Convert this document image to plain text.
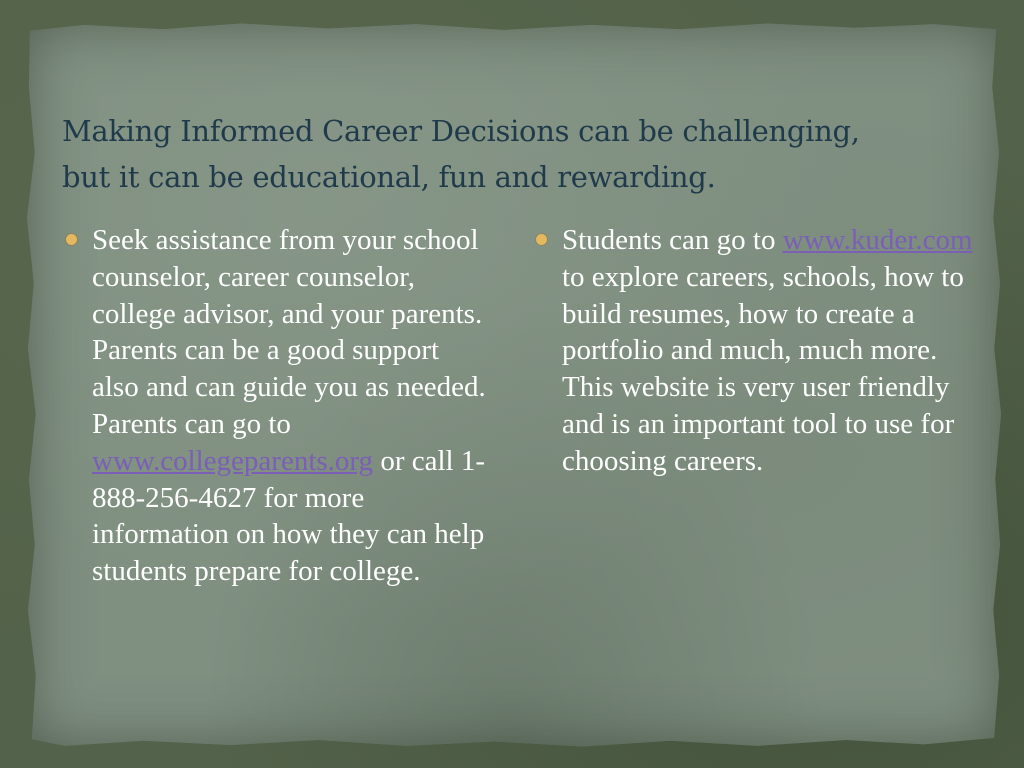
Making Informed Career Decisions can be challenging,
but it can be educational, fun and rewarding.
Seek assistance from your school counselor, career counselor, college advisor, and your parents. Parents can be a good support also and can guide you as needed. Parents can go to www.collegeparents.org or call 1-888-256-4627 for more information on how they can help students prepare for college.
Students can go to www.kuder.com to explore careers, schools, how to build resumes, how to create a portfolio and much, much more. This website is very user friendly and is an important tool to use for choosing careers.
